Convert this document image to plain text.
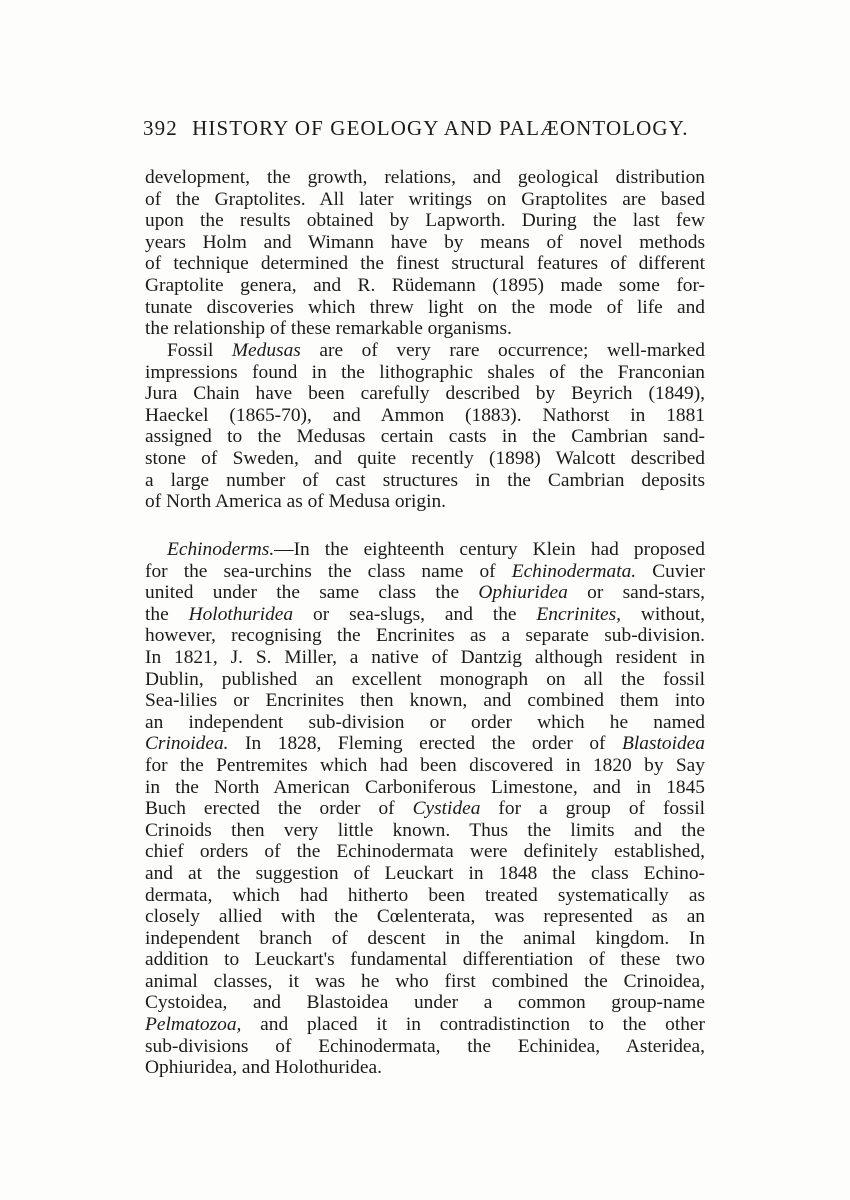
392 HISTORY OF GEOLOGY AND PALÆONTOLOGY.
development, the growth, relations, and geological distribution
of the Graptolites. All later writings on Graptolites are based
upon the results obtained by Lapworth. During the last few
years Holm and Wimann have by means of novel methods
of technique determined the finest structural features of different
Graptolite genera, and R. Rüdemann (1895) made some for-
tunate discoveries which threw light on the mode of life and
the relationship of these remarkable organisms.
Fossil Medusas are of very rare occurrence; well-marked
impressions found in the lithographic shales of the Franconian
Jura Chain have been carefully described by Beyrich (1849),
Haeckel (1865-70), and Ammon (1883). Nathorst in 1881
assigned to the Medusas certain casts in the Cambrian sand-
stone of Sweden, and quite recently (1898) Walcott described
a large number of cast structures in the Cambrian deposits
of North America as of Medusa origin.
Echinoderms.—In the eighteenth century Klein had proposed
for the sea-urchins the class name of Echinodermata. Cuvier
united under the same class the Ophiuridea or sand-stars,
the Holothuridea or sea-slugs, and the Encrinites, without,
however, recognising the Encrinites as a separate sub-division.
In 1821, J. S. Miller, a native of Dantzig although resident in
Dublin, published an excellent monograph on all the fossil
Sea-lilies or Encrinites then known, and combined them into
an independent sub-division or order which he named
Crinoidea. In 1828, Fleming erected the order of Blastoidea
for the Pentremites which had been discovered in 1820 by Say
in the North American Carboniferous Limestone, and in 1845
Buch erected the order of Cystidea for a group of fossil
Crinoids then very little known. Thus the limits and the
chief orders of the Echinodermata were definitely established,
and at the suggestion of Leuckart in 1848 the class Echino-
dermata, which had hitherto been treated systematically as
closely allied with the Cœlenterata, was represented as an
independent branch of descent in the animal kingdom. In
addition to Leuckart's fundamental differentiation of these two
animal classes, it was he who first combined the Crinoidea,
Cystoidea, and Blastoidea under a common group-name
Pelmatozoa, and placed it in contradistinction to the other
sub-divisions of Echinodermata, the Echinidea, Asteridea,
Ophiuridea, and Holothuridea.
